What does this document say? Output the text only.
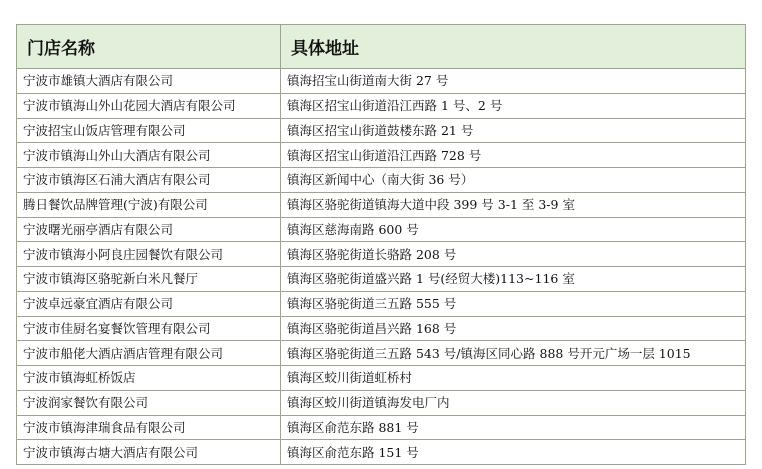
门店名称	具体地址
宁波市雄镇大酒店有限公司	镇海招宝山街道南大街 27 号
宁波市镇海山外山花园大酒店有限公司	镇海区招宝山街道沿江西路 1 号、2 号
宁波招宝山饭店管理有限公司	镇海区招宝山街道鼓楼东路 21 号
宁波市镇海山外山大酒店有限公司	镇海区招宝山街道沿江西路 728 号
宁波市镇海区石浦大酒店有限公司	镇海区新闻中心（南大街 36 号）
腾日餐饮品牌管理(宁波)有限公司	镇海区骆驼街道镇海大道中段 399 号 3-1 至 3-9 室
宁波曙光丽亭酒店有限公司	镇海区慈海南路 600 号
宁波市镇海小阿良庄园餐饮有限公司	镇海区骆驼街道长骆路 208 号
宁波市镇海区骆驼新白米凡餐厅	镇海区骆驼街道盛兴路 1 号(经贸大楼)113~116 室
宁波卓远豪宜酒店有限公司	镇海区骆驼街道三五路 555 号
宁波市佳厨名宴餐饮管理有限公司	镇海区骆驼街道昌兴路 168 号
宁波市船佬大酒店酒店管理有限公司	镇海区骆驼街道三五路 543 号/镇海区同心路 888 号开元广场一层 1015
宁波市镇海虹桥饭店	镇海区蛟川街道虹桥村
宁波润家餐饮有限公司	镇海区蛟川街道镇海发电厂内
宁波市镇海津瑞食品有限公司	镇海区俞范东路 881 号
宁波市镇海古塘大酒店有限公司	镇海区俞范东路 151 号
